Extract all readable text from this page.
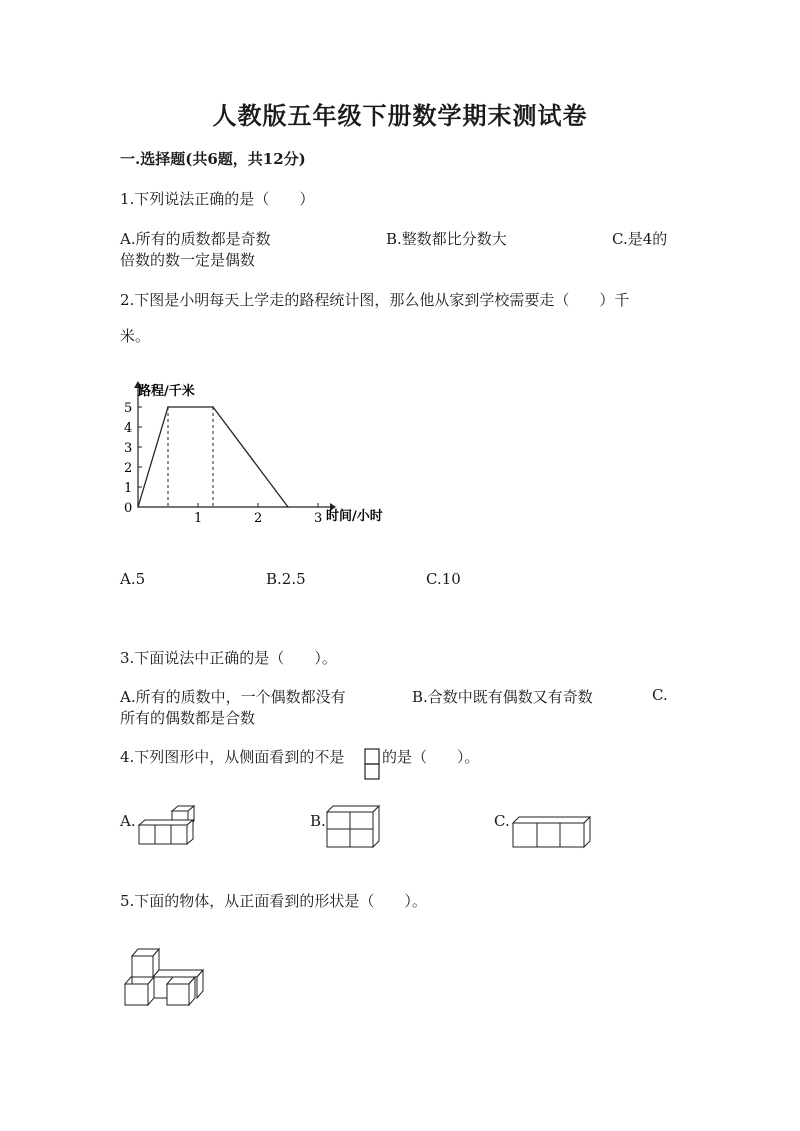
人教版五年级下册数学期末测试卷
一.选择题(共6题，共12分)
1.下列说法正确的是（　　）
A.所有的质数都是奇数	B.整数都比分数大	C.是4的
倍数的数一定是偶数
2.下图是小明每天上学走的路程统计图，那么他从家到学校需要走（　　）千
米。
0
1
2
3
4
5
1	2	3
路程/千米
时间/小时
A.5	B.2.5	C.10
3.下面说法中正确的是（　　）。
A.所有的质数中，一个偶数都没有	B.合数中既有偶数又有奇数	C.
所有的偶数都是合数
4.下列图形中，从侧面看到的不是	的是（　　）。
A.	B.	C.
5.下面的物体，从正面看到的形状是（　　）。
